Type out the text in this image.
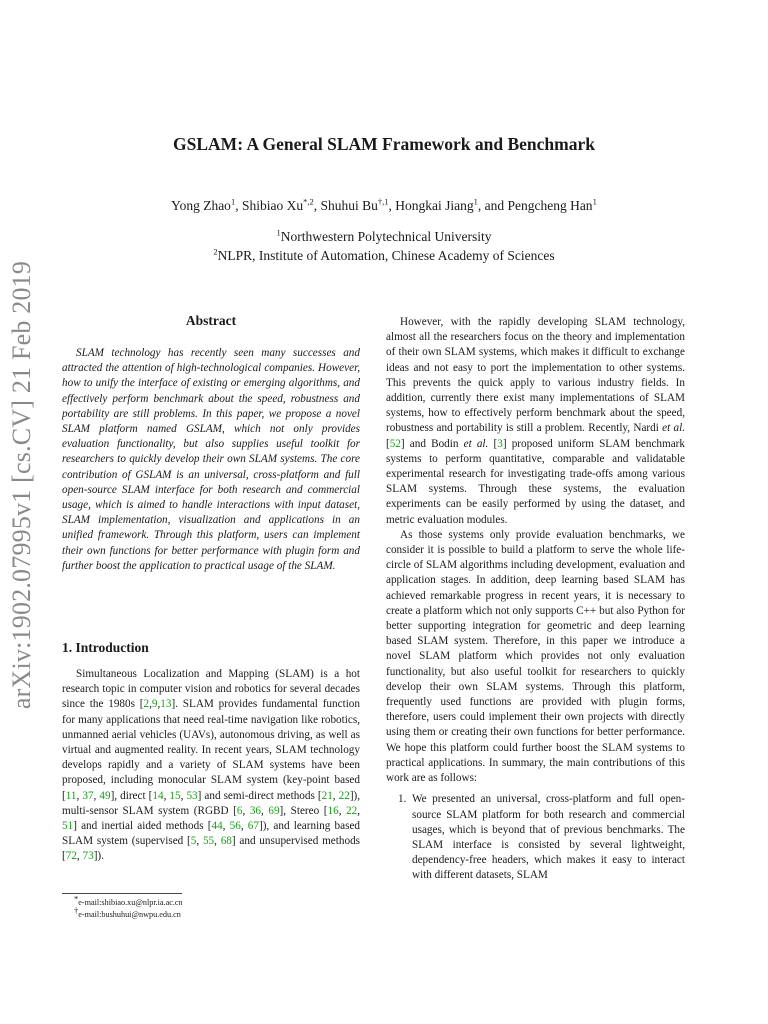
arXiv:1902.07995v1 [cs.CV] 21 Feb 2019
GSLAM: A General SLAM Framework and Benchmark
Yong Zhao$^1$, Shibiao $Xu^{*,2}$, Shuhui $Bu^{\dagger,1}$, Hongkai Jiang$^1$, and Pengcheng Han$^1$
$^1$Northwestern Polytechnical University
$^2$NLPR, Institute of Automation, Chinese Academy of Sciences
Abstract

SLAM technology has recently seen many successes and attracted the attention of high-technological companies. However, how to unify the interface of existing or emerging algorithms, and effectively perform benchmark about the speed, robustness and portability are still problems. In this paper, we propose a novel SLAM platform named GSLAM, which not only provides evaluation functionality, but also supplies useful toolkit for researchers to quickly develop their own SLAM systems. The core contribution of GSLAM is an universal, cross-platform and full open-source SLAM interface for both research and commercial usage, which is aimed to handle interactions with input dataset, SLAM implementation, visualization and applications in an unified framework. Through this platform, users can implement their own functions for better performance with plugin form and further boost the application to practical usage of the SLAM.

1. Introduction

Simultaneous Localization and Mapping (SLAM) is a hot research topic in computer vision and robotics for several decades since the 1980s [2,9,13]. SLAM provides fundamental function for many applications that need real-time navigation like robotics, unmanned aerial vehicles (UAVs), autonomous driving, as well as virtual and augmented reality. In recent years, SLAM technology develops rapidly and a variety of SLAM systems have been proposed, including monocular SLAM system (key-point based [11, 37, 49], direct [14, 15, 53] and semi-direct methods [21, 22]), multi-sensor SLAM system (RGBD [6, 36, 69], Stereo [16, 22, 51] and inertial aided methods [44, 56, 67]), and learning based SLAM system (supervised [5, 55, 68] and unsupervised methods [72, 73]).

*e-mail:shibiao.xu@nlpr.ia.ac.cn
†e-mail:bushuhui@nwpu.edu.cn

However, with the rapidly developing SLAM technology, almost all the researchers focus on the theory and implementation of their own SLAM systems, which makes it difficult to exchange ideas and not easy to port the implementation to other systems. This prevents the quick apply to various industry fields. In addition, currently there exist many implementations of SLAM systems, how to effectively perform benchmark about the speed, robustness and portability is still a problem. Recently, Nardi et al. [52] and Bodin et al. [3] proposed uniform SLAM benchmark systems to perform quantitative, comparable and validatable experimental research for investigating trade-offs among various SLAM systems. Through these systems, the evaluation experiments can be easily performed by using the dataset, and metric evaluation modules.

As those systems only provide evaluation benchmarks, we consider it is possible to build a platform to serve the whole life-circle of SLAM algorithms including development, evaluation and application stages. In addition, deep learning based SLAM has achieved remarkable progress in recent years, it is necessary to create a platform which not only supports C++ but also Python for better supporting integration for geometric and deep learning based SLAM system. Therefore, in this paper we introduce a novel SLAM platform which provides not only evaluation functionality, but also useful toolkit for researchers to quickly develop their own SLAM systems. Through this platform, frequently used functions are provided with plugin forms, therefore, users could implement their own projects with directly using them or creating their own functions for better performance. We hope this platform could further boost the SLAM systems to practical applications. In summary, the main contributions of this work are as follows:

1. We presented an universal, cross-platform and full open-source SLAM platform for both research and commercial usages, which is beyond that of previous benchmarks. The SLAM interface is consisted by several lightweight, dependency-free headers, which makes it easy to interact with different datasets, SLAM
